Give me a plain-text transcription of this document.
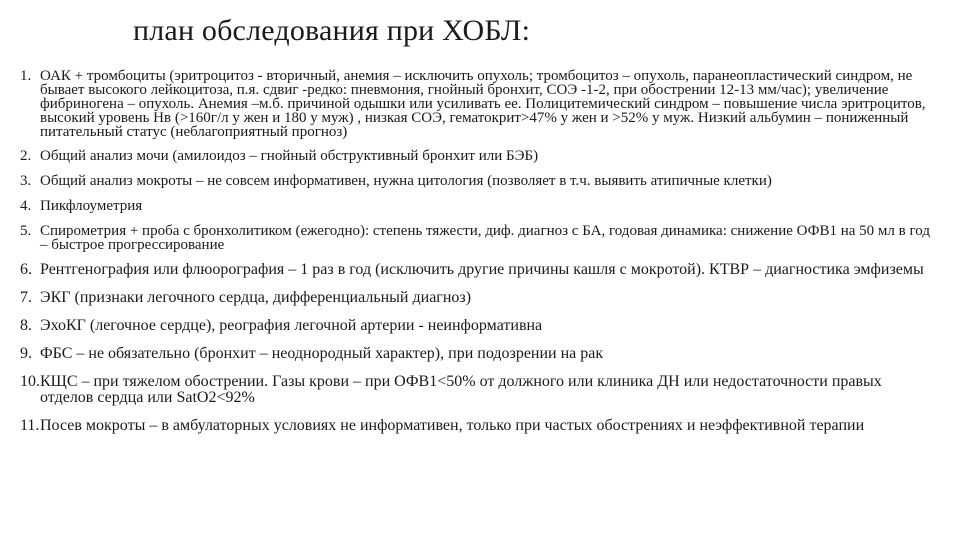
план обследования при ХОБЛ:
1. ОАК + тромбоциты (эритроцитоз - вторичный, анемия – исключить опухоль; тромбоцитоз – опухоль, паранеопластический синдром, не бывает высокого лейкоцитоза, п.я. сдвиг -редко: пневмония, гнойный бронхит, СОЭ -1-2, при обострении 12-13 мм/час); увеличение фибриногена – опухоль. Анемия –м.б. причиной одышки или усиливать ее. Полицитемический синдром – повышение числа эритроцитов, высокий уровень Нв (>160г/л у жен и 180 у муж) , низкая СОЭ, гематокрит>47% у жен и >52% у муж. Низкий альбумин – пониженный питательный статус (неблагоприятный прогноз)
2. Общий анализ мочи (амилоидоз – гнойный обструктивный бронхит или БЭБ)
3. Общий анализ мокроты – не совсем информативен, нужна цитология (позволяет в т.ч. выявить атипичные клетки)
4. Пикфлоуметрия
5. Спирометрия + проба с бронхолитиком (ежегодно): степень тяжести, диф. диагноз с БА, годовая динамика: снижение ОФВ1 на 50 мл в год – быстрое прогрессирование
6. Рентгенография или флюорография – 1 раз в год (исключить другие причины кашля с мокротой). КТВР – диагностика эмфиземы
7. ЭКГ (признаки легочного сердца, дифференциальный диагноз)
8. ЭхоКГ (легочное сердце), реография легочной артерии - неинформативна
9. ФБС – не обязательно (бронхит – неоднородный характер), при подозрении на рак
10. КЩС – при тяжелом обострении. Газы крови – при ОФВ1<50% от должного или клиника ДН или недостаточности правых отделов сердца или SatO2<92%
11. Посев мокроты – в амбулаторных условиях не информативен, только при частых обострениях и неэффективной терапии
